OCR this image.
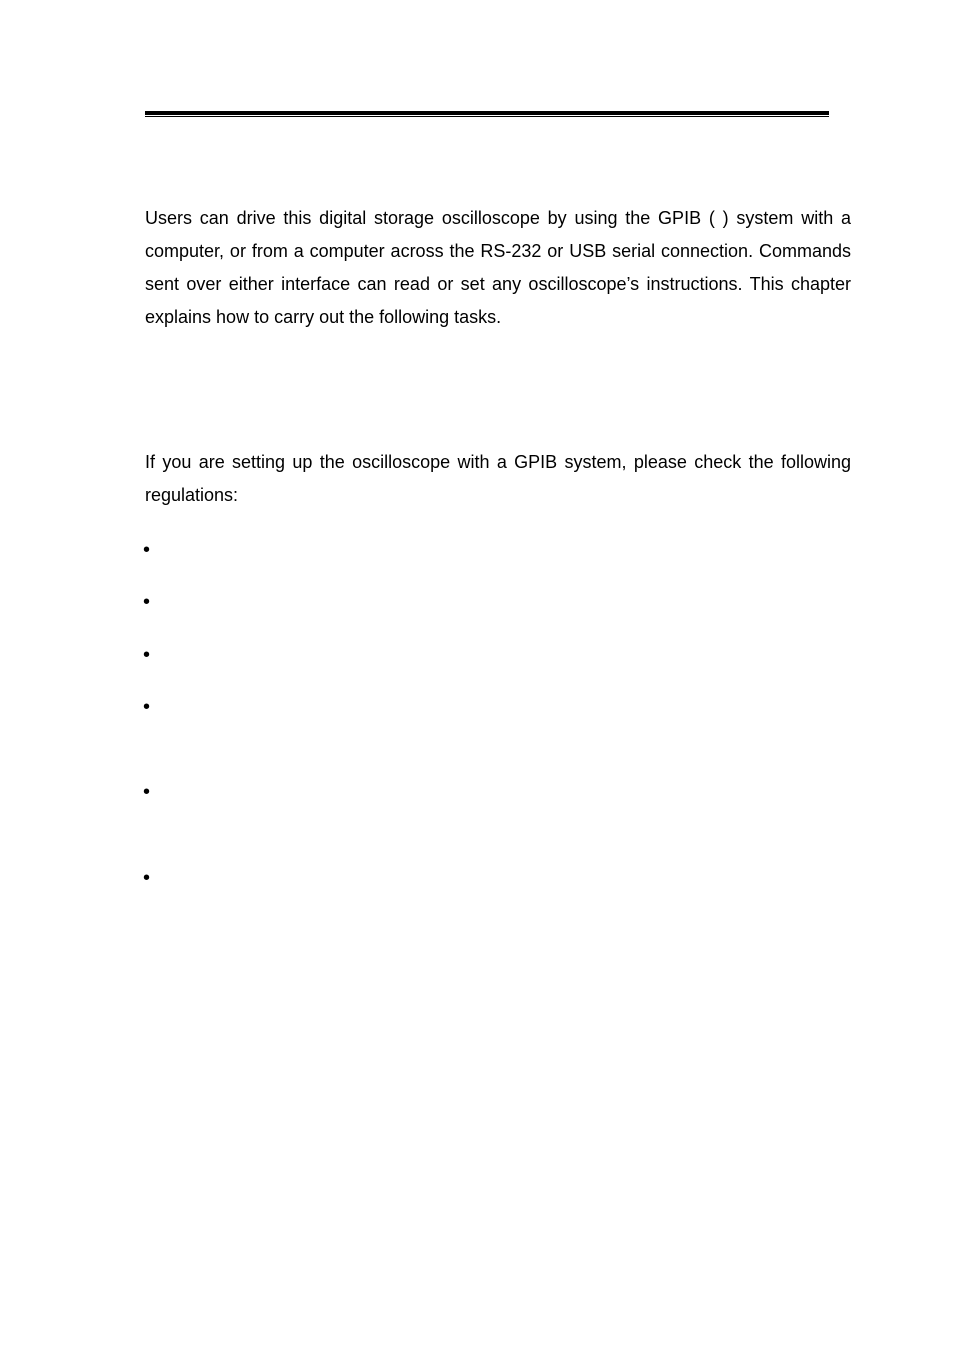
Users can drive this digital storage oscilloscope by using the GPIB ( ) system with a computer, or from a computer across the RS-232 or USB serial connection. Commands sent over either interface can read or set any oscilloscope’s instructions. This chapter explains how to carry out the following tasks.

If you are setting up the oscilloscope with a GPIB system, please check the following regulations:

•
•
•
•
•
•
